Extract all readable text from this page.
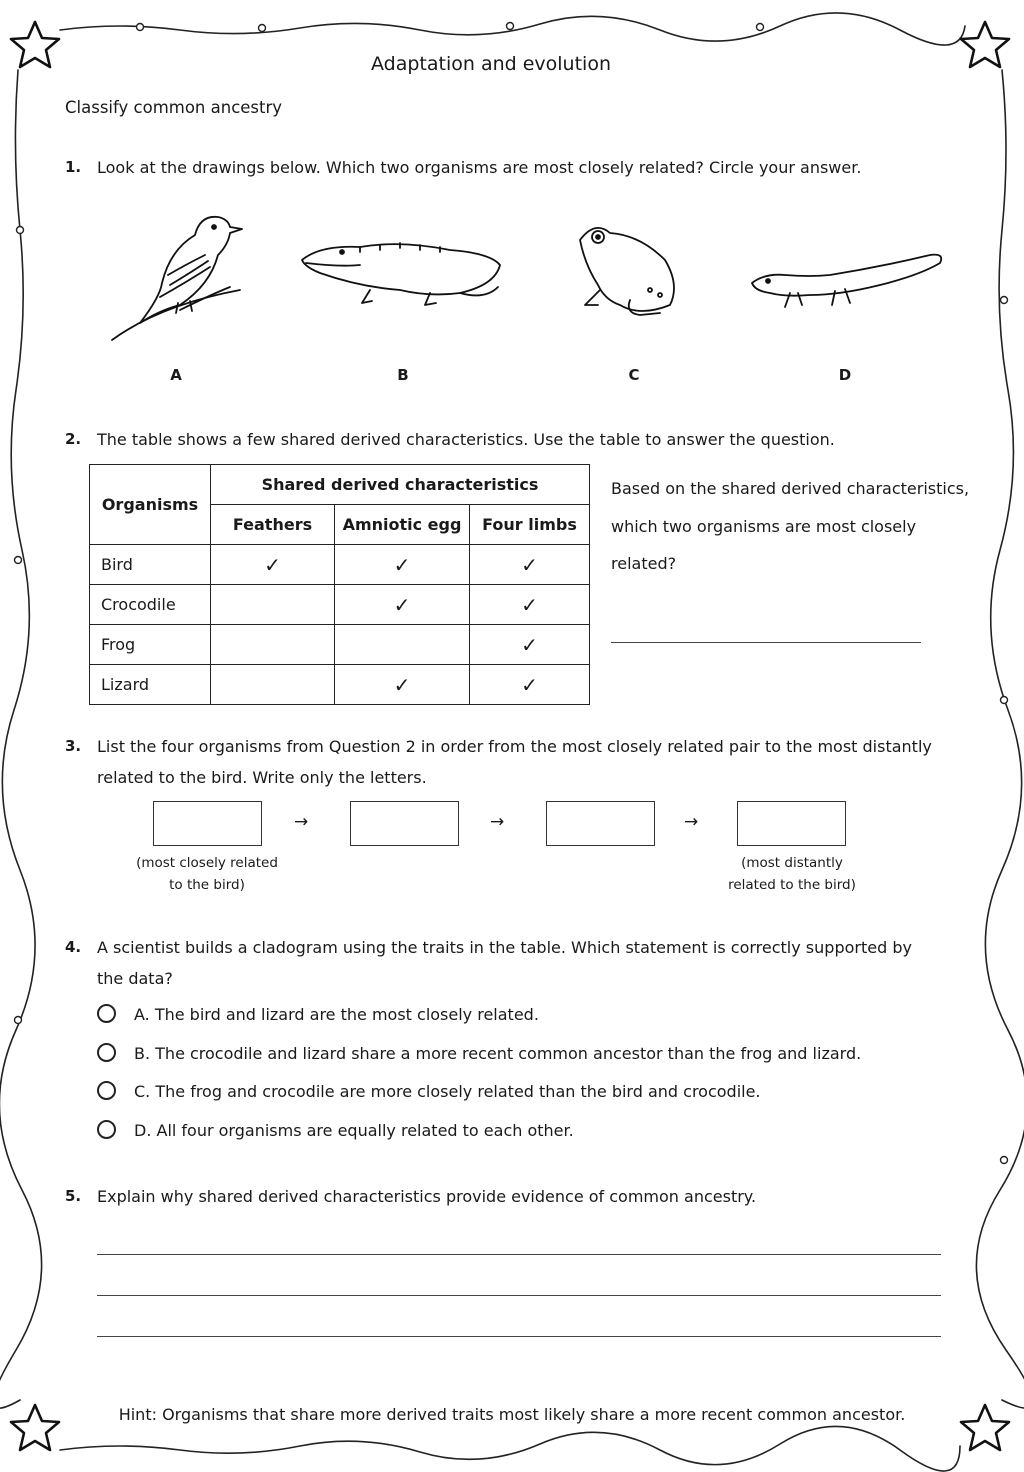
Adaptation and evolution
Classify common ancestry
1. Look at the drawings below. Which two organisms are most closely related? Circle your answer.
A	B	C	D
2. The table shows a few shared derived characteristics. Use the table to answer the question.
Organisms	Shared derived characteristics		
	Feathers	Amniotic egg	Four limbs
Bird	✓	✓	✓
Crocodile		✓	✓
Frog			✓
Lizard		✓	✓
Based on the shared derived characteristics,
which two organisms are most closely
related?
3. List the four organisms from Question 2 in order from the most closely related pair to the most distantly
related to the bird. Write only the letters.
→	→	→
(most closely related
to the bird)
(most distantly
related to the bird)
4. A scientist builds a cladogram using the traits in the table. Which statement is correctly supported by
the data?
A. The bird and lizard are the most closely related.
B. The crocodile and lizard share a more recent common ancestor than the frog and lizard.
C. The frog and crocodile are more closely related than the bird and crocodile.
D. All four organisms are equally related to each other.
5. Explain why shared derived characteristics provide evidence of common ancestry.
Hint: Organisms that share more derived traits most likely share a more recent common ancestor.
